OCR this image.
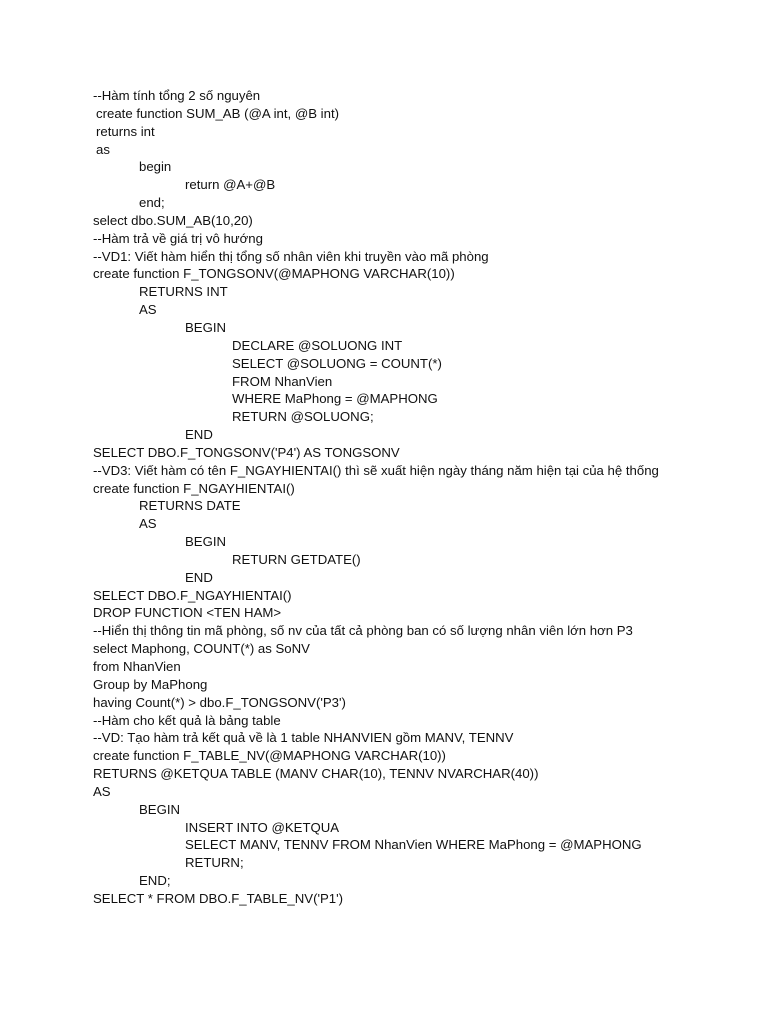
--Hàm tính tổng 2 số nguyên
create function SUM_AB (@A int, @B int)
returns int
as
begin
return @A+@B
end;
select dbo.SUM_AB(10,20)
--Hàm trả về giá trị vô hướng
--VD1: Viết hàm hiển thị tổng số nhân viên khi truyền vào mã phòng
create function F_TONGSONV(@MAPHONG VARCHAR(10))
RETURNS INT
AS
BEGIN
DECLARE @SOLUONG INT
SELECT @SOLUONG = COUNT(*)
FROM NhanVien
WHERE MaPhong = @MAPHONG
RETURN @SOLUONG;
END
SELECT DBO.F_TONGSONV('P4') AS TONGSONV
--VD3: Viết hàm có tên F_NGAYHIENTAI() thì sẽ xuất hiện ngày tháng năm hiện tại của hệ thống
create function F_NGAYHIENTAI()
RETURNS DATE
AS
BEGIN
RETURN GETDATE()
END
SELECT DBO.F_NGAYHIENTAI()
DROP FUNCTION <TEN HAM>
--Hiển thị thông tin mã phòng, số nv của tất cả phòng ban có số lượng nhân viên lớn hơn P3
select Maphong, COUNT(*) as SoNV
from NhanVien
Group by MaPhong
having Count(*) > dbo.F_TONGSONV('P3')
--Hàm cho kết quả là bảng table
--VD: Tạo hàm trả kết quả về là 1 table NHANVIEN gồm MANV, TENNV
create function F_TABLE_NV(@MAPHONG VARCHAR(10))
RETURNS @KETQUA TABLE (MANV CHAR(10), TENNV NVARCHAR(40))
AS
BEGIN
INSERT INTO @KETQUA
SELECT MANV, TENNV FROM NhanVien WHERE MaPhong = @MAPHONG
RETURN;
END;
SELECT * FROM DBO.F_TABLE_NV('P1')
